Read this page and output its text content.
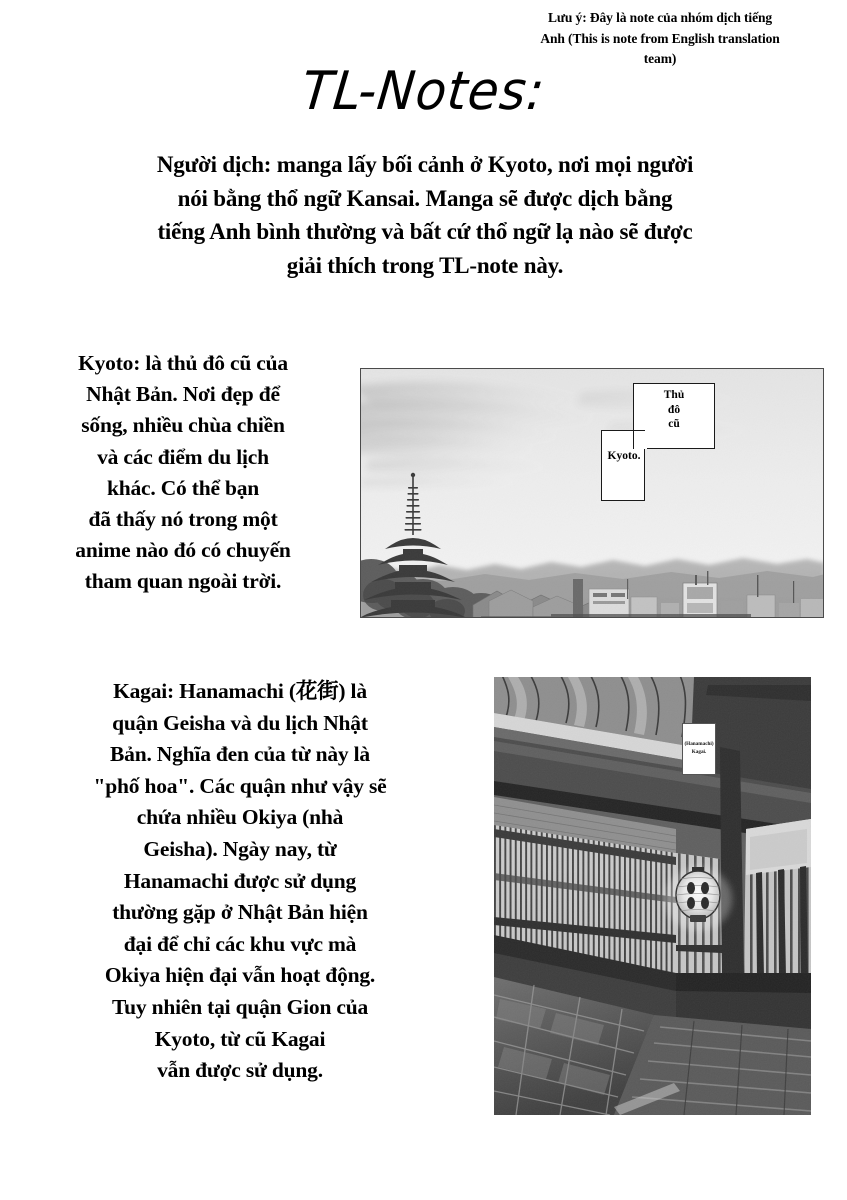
Lưu ý: Đây là note của nhóm dịch tiếng
Anh (This is note from English translation
team)
TL-Notes:
Người dịch: manga lấy bối cảnh ở Kyoto, nơi mọi người
nói bằng thổ ngữ Kansai. Manga sẽ được dịch bằng
tiếng Anh bình thường và bất cứ thổ ngữ lạ nào sẽ được
giải thích trong TL-note này.
Kyoto: là thủ đô cũ của
Nhật Bản. Nơi đẹp để
sống, nhiều chùa chiền
và các điểm du lịch
khác. Có thể bạn
đã thấy nó trong một
anime nào đó có chuyến
tham quan ngoài trời.
Thủ
đô
cũ
Kyoto.
Kagai: Hanamachi (花街) là
quận Geisha và du lịch Nhật
Bản. Nghĩa đen của từ này là
"phố hoa". Các quận như vậy sẽ
chứa nhiều Okiya (nhà
Geisha). Ngày nay, từ
Hanamachi được sử dụng
thường gặp ở Nhật Bản hiện
đại để chỉ các khu vực mà
Okiya hiện đại vẫn hoạt động.
Tuy nhiên tại quận Gion của
Kyoto, từ cũ Kagai
vẫn được sử dụng.
(Hanamachi)
Kagai.
